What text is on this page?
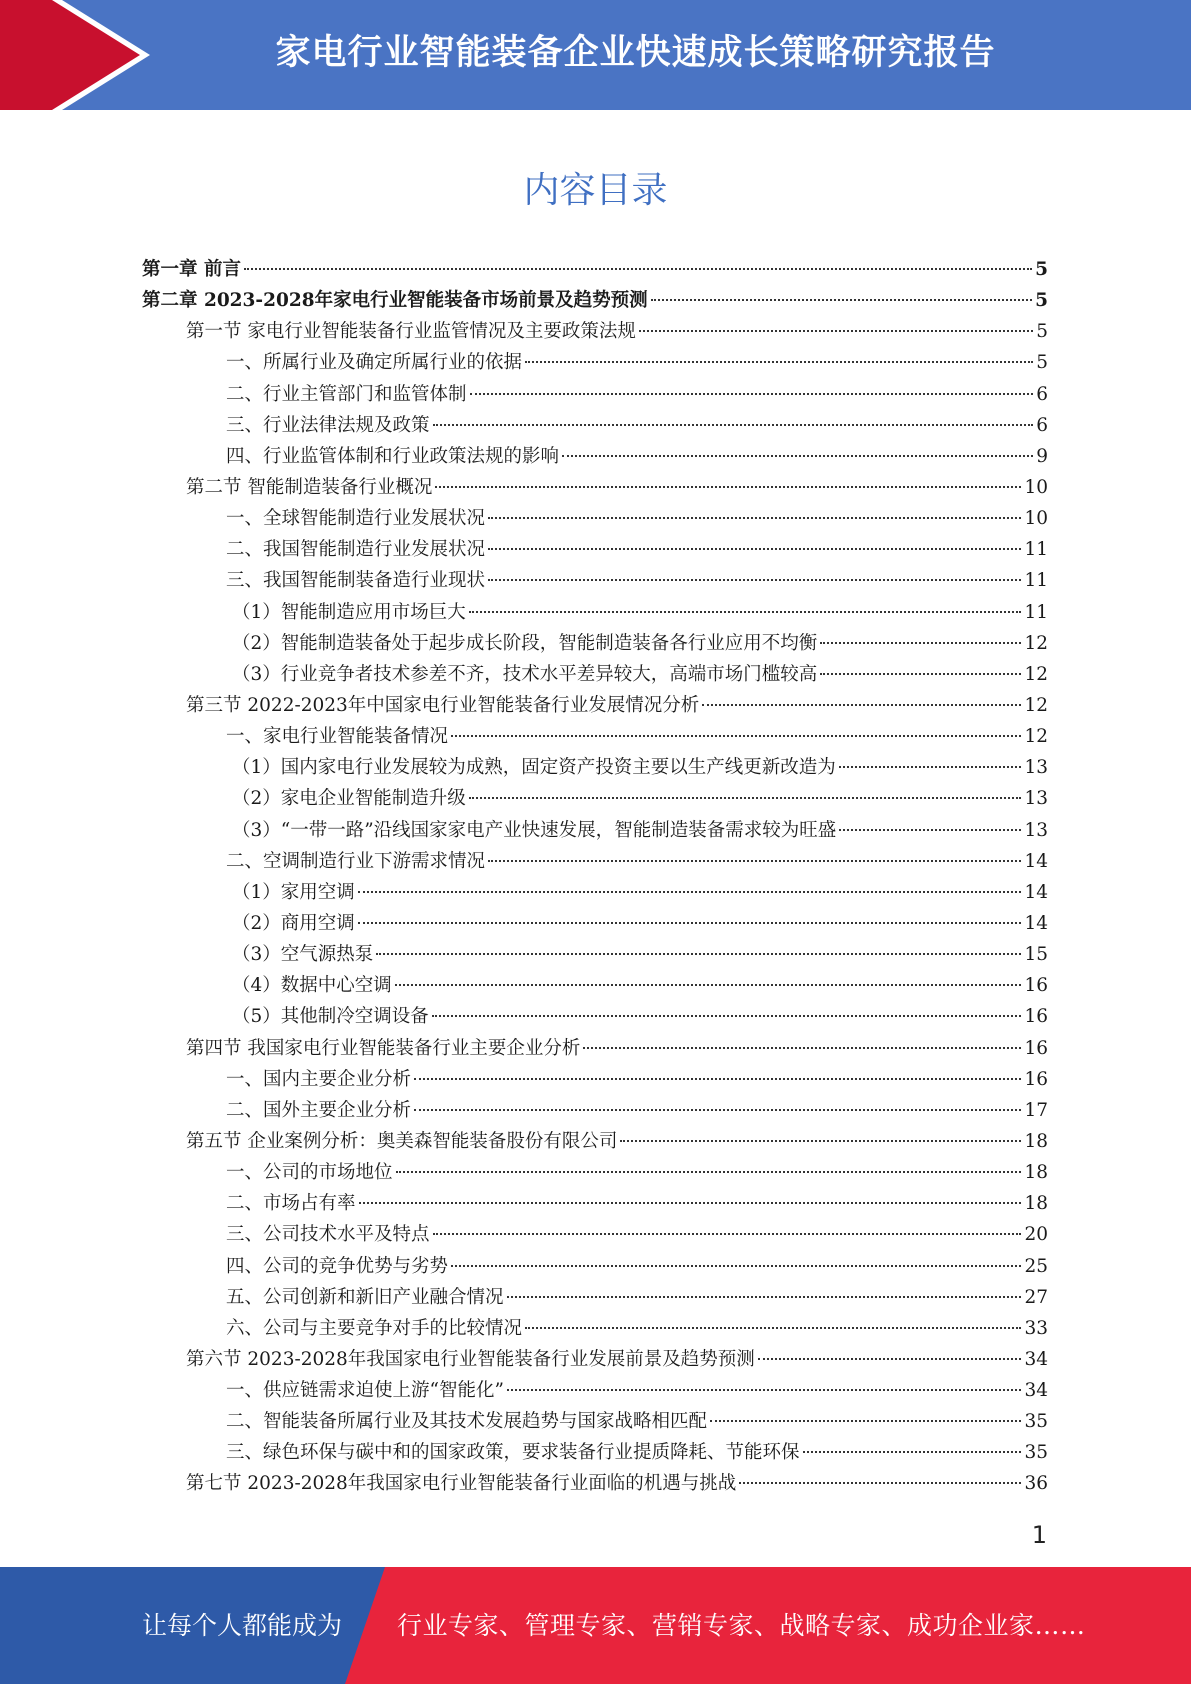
家电行业智能装备企业快速成长策略研究报告
内容目录
第一章 前言	5
第二章 2023-2028年家电行业智能装备市场前景及趋势预测	5
第一节 家电行业智能装备行业监管情况及主要政策法规	5
一、所属行业及确定所属行业的依据	5
二、行业主管部门和监管体制	6
三、行业法律法规及政策	6
四、行业监管体制和行业政策法规的影响	9
第二节 智能制造装备行业概况	10
一、全球智能制造行业发展状况	10
二、我国智能制造行业发展状况	11
三、我国智能制装备造行业现状	11
（1）智能制造应用市场巨大	11
（2）智能制造装备处于起步成长阶段，智能制造装备各行业应用不均衡	12
（3）行业竞争者技术参差不齐，技术水平差异较大，高端市场门槛较高	12
第三节 2022-2023年中国家电行业智能装备行业发展情况分析	12
一、家电行业智能装备情况	12
（1）国内家电行业发展较为成熟，固定资产投资主要以生产线更新改造为	13
（2）家电企业智能制造升级	13
（3）“一带一路”沿线国家家电产业快速发展，智能制造装备需求较为旺盛	13
二、空调制造行业下游需求情况	14
（1）家用空调	14
（2）商用空调	14
（3）空气源热泵	15
（4）数据中心空调	16
（5）其他制冷空调设备	16
第四节 我国家电行业智能装备行业主要企业分析	16
一、国内主要企业分析	16
二、国外主要企业分析	17
第五节 企业案例分析：奥美森智能装备股份有限公司	18
一、公司的市场地位	18
二、市场占有率	18
三、公司技术水平及特点	20
四、公司的竞争优势与劣势	25
五、公司创新和新旧产业融合情况	27
六、公司与主要竞争对手的比较情况	33
第六节 2023-2028年我国家电行业智能装备行业发展前景及趋势预测	34
一、供应链需求迫使上游“智能化”	34
二、智能装备所属行业及其技术发展趋势与国家战略相匹配	35
三、绿色环保与碳中和的国家政策，要求装备行业提质降耗、节能环保	35
第七节 2023-2028年我国家电行业智能装备行业面临的机遇与挑战	36
1
让每个人都能成为 行业专家、管理专家、营销专家、战略专家、成功企业家……
